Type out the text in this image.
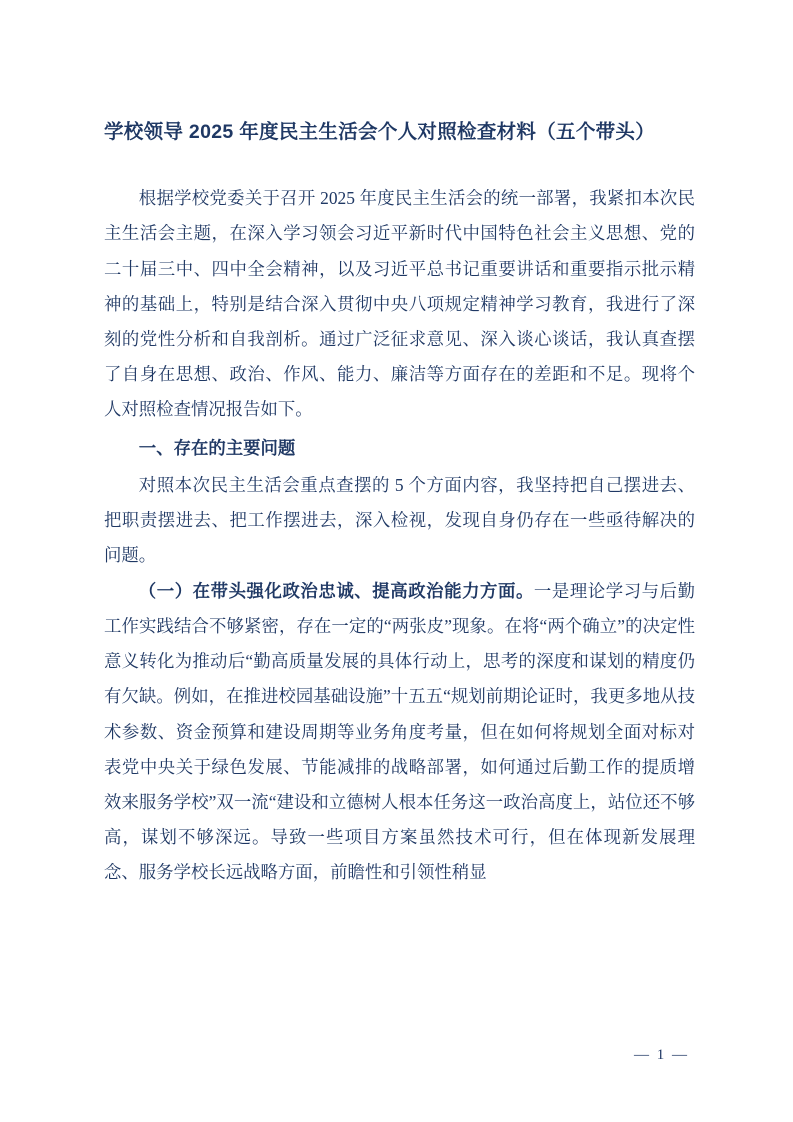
学校领导 2025 年度民主生活会个人对照检查材料（五个带头）

根据学校党委关于召开 2025 年度民主生活会的统一部署，我紧扣本次民主生活会主题，在深入学习领会习近平新时代中国特色社会主义思想、党的二十届三中、四中全会精神，以及习近平总书记重要讲话和重要指示批示精神的基础上，特别是结合深入贯彻中央八项规定精神学习教育，我进行了深刻的党性分析和自我剖析。通过广泛征求意见、深入谈心谈话，我认真查摆了自身在思想、政治、作风、能力、廉洁等方面存在的差距和不足。现将个人对照检查情况报告如下。

一、存在的主要问题

对照本次民主生活会重点查摆的 5 个方面内容，我坚持把自己摆进去、把职责摆进去、把工作摆进去，深入检视，发现自身仍存在一些亟待解决的问题。

（一）在带头强化政治忠诚、提高政治能力方面。一是理论学习与后勤工作实践结合不够紧密，存在一定的“两张皮”现象。在将“两个确立”的决定性意义转化为推动后“勤高质量发展的具体行动上，思考的深度和谋划的精度仍有欠缺。例如，在推进校园基础设施”十五五“规划前期论证时，我更多地从技术参数、资金预算和建设周期等业务角度考量，但在如何将规划全面对标对表党中央关于绿色发展、节能减排的战略部署，如何通过后勤工作的提质增效来服务学校”双一流“建设和立德树人根本任务这一政治高度上，站位还不够高，谋划不够深远。导致一些项目方案虽然技术可行，但在体现新发展理念、服务学校长远战略方面，前瞻性和引领性稍显

— 1 —
